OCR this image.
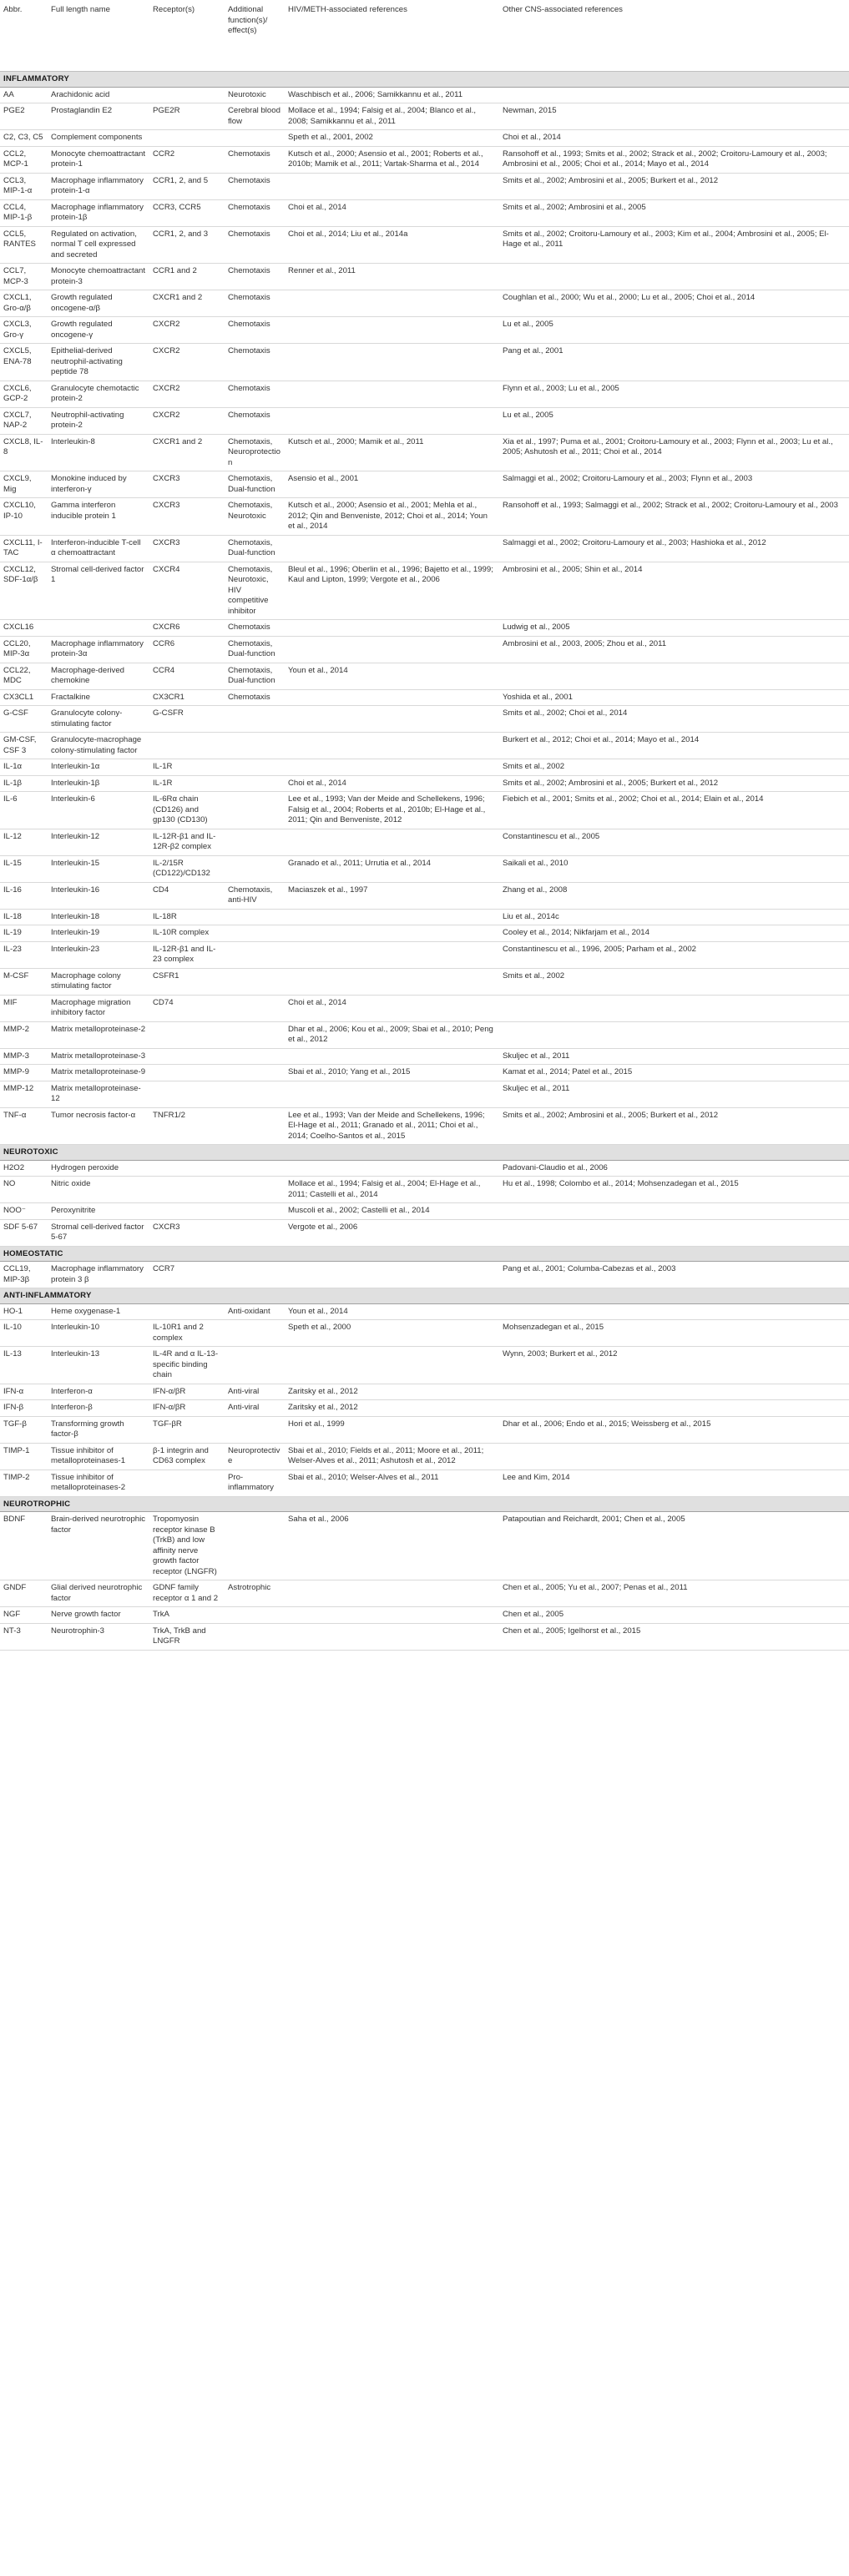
Abbr.	Full length name	Receptor(s)	Additional function(s)/ effect(s)	HIV/METH-associated references	Other CNS-associated references
INFLAMMATORY					
AA	Arachidonic acid		Neurotoxic	Waschbisch et al., 2006; Samikkannu et al., 2011	
PGE2	Prostaglandin E2	PGE2R	Cerebral blood flow	Mollace et al., 1994; Falsig et al., 2004; Blanco et al., 2008; Samikkannu et al., 2011	Newman, 2015
C2, C3, C5	Complement components			Speth et al., 2001, 2002	Choi et al., 2014
CCL2, MCP-1	Monocyte chemoattractant protein-1	CCR2	Chemotaxis	Kutsch et al., 2000; Asensio et al., 2001; Roberts et al., 2010b; Mamik et al., 2011; Vartak-Sharma et al., 2014	Ransohoff et al., 1993; Smits et al., 2002; Strack et al., 2002; Croitoru-Lamoury et al., 2003; Ambrosini et al., 2005; Choi et al., 2014; Mayo et al., 2014
CCL3, MIP-1-α	Macrophage inflammatory protein-1-α	CCR1, 2, and 5	Chemotaxis		Smits et al., 2002; Ambrosini et al., 2005; Burkert et al., 2012
CCL4, MIP-1-β	Macrophage inflammatory protein-1β	CCR3, CCR5	Chemotaxis	Choi et al., 2014	Smits et al., 2002; Ambrosini et al., 2005
CCL5, RANTES	Regulated on activation, normal T cell expressed and secreted	CCR1, 2, and 3	Chemotaxis	Choi et al., 2014; Liu et al., 2014a	Smits et al., 2002; Croitoru-Lamoury et al., 2003; Kim et al., 2004; Ambrosini et al., 2005; El-Hage et al., 2011
CCL7, MCP-3	Monocyte chemoattractant protein-3	CCR1 and 2	Chemotaxis	Renner et al., 2011	
CXCL1, Gro-α/β	Growth regulated oncogene-α/β	CXCR1 and 2	Chemotaxis		Coughlan et al., 2000; Wu et al., 2000; Lu et al., 2005; Choi et al., 2014
CXCL3, Gro-γ	Growth regulated oncogene-γ	CXCR2	Chemotaxis		Lu et al., 2005
CXCL5, ENA-78	Epithelial-derived neutrophil-activating peptide 78	CXCR2	Chemotaxis		Pang et al., 2001
CXCL6, GCP-2	Granulocyte chemotactic protein-2	CXCR2	Chemotaxis		Flynn et al., 2003; Lu et al., 2005
CXCL7, NAP-2	Neutrophil-activating protein-2	CXCR2	Chemotaxis		Lu et al., 2005
CXCL8, IL-8	Interleukin-8	CXCR1 and 2	Chemotaxis, Neuroprotection	Kutsch et al., 2000; Mamik et al., 2011	Xia et al., 1997; Puma et al., 2001; Croitoru-Lamoury et al., 2003; Flynn et al., 2003; Lu et al., 2005; Ashutosh et al., 2011; Choi et al., 2014
CXCL9, Mig	Monokine induced by interferon-γ	CXCR3	Chemotaxis, Dual-function	Asensio et al., 2001	Salmaggi et al., 2002; Croitoru-Lamoury et al., 2003; Flynn et al., 2003
CXCL10, IP-10	Gamma interferon inducible protein 1	CXCR3	Chemotaxis, Neurotoxic	Kutsch et al., 2000; Asensio et al., 2001; Mehla et al., 2012; Qin and Benveniste, 2012; Choi et al., 2014; Youn et al., 2014	Ransohoff et al., 1993; Salmaggi et al., 2002; Strack et al., 2002; Croitoru-Lamoury et al., 2003
CXCL11, I-TAC	Interferon-inducible T-cell α chemoattractant	CXCR3	Chemotaxis, Dual-function		Salmaggi et al., 2002; Croitoru-Lamoury et al., 2003; Hashioka et al., 2012
CXCL12, SDF-1α/β	Stromal cell-derived factor 1	CXCR4	Chemotaxis, Neurotoxic, HIV competitive inhibitor	Bleul et al., 1996; Oberlin et al., 1996; Bajetto et al., 1999; Kaul and Lipton, 1999; Vergote et al., 2006	Ambrosini et al., 2005; Shin et al., 2014
CXCL16		CXCR6	Chemotaxis		Ludwig et al., 2005
CCL20, MIP-3α	Macrophage inflammatory protein-3α	CCR6	Chemotaxis, Dual-function		Ambrosini et al., 2003, 2005; Zhou et al., 2011
CCL22, MDC	Macrophage-derived chemokine	CCR4	Chemotaxis, Dual-function	Youn et al., 2014	
CX3CL1	Fractalkine	CX3CR1	Chemotaxis		Yoshida et al., 2001
G-CSF	Granulocyte colony-stimulating factor	G-CSFR			Smits et al., 2002; Choi et al., 2014
GM-CSF, CSF 3	Granulocyte-macrophage colony-stimulating factor				Burkert et al., 2012; Choi et al., 2014; Mayo et al., 2014
IL-1α	Interleukin-1α	IL-1R			Smits et al., 2002
IL-1β	Interleukin-1β	IL-1R		Choi et al., 2014	Smits et al., 2002; Ambrosini et al., 2005; Burkert et al., 2012
IL-6	Interleukin-6	IL-6Rα chain (CD126) and gp130 (CD130)		Lee et al., 1993; Van der Meide and Schellekens, 1996; Falsig et al., 2004; Roberts et al., 2010b; El-Hage et al., 2011; Qin and Benveniste, 2012	Fiebich et al., 2001; Smits et al., 2002; Choi et al., 2014; Elain et al., 2014
IL-12	Interleukin-12	IL-12R-β1 and IL-12R-β2 complex			Constantinescu et al., 2005
IL-15	Interleukin-15	IL-2/15R (CD122)/CD132		Granado et al., 2011; Urrutia et al., 2014	Saikali et al., 2010
IL-16	Interleukin-16	CD4	Chemotaxis, anti-HIV	Maciaszek et al., 1997	Zhang et al., 2008
IL-18	Interleukin-18	IL-18R			Liu et al., 2014c
IL-19	Interleukin-19	IL-10R complex			Cooley et al., 2014; Nikfarjam et al., 2014
IL-23	Interleukin-23	IL-12R-β1 and IL-23 complex			Constantinescu et al., 1996, 2005; Parham et al., 2002
M-CSF	Macrophage colony stimulating factor	CSFR1			Smits et al., 2002
MIF	Macrophage migration inhibitory factor	CD74		Choi et al., 2014	
MMP-2	Matrix metalloproteinase-2			Dhar et al., 2006; Kou et al., 2009; Sbai et al., 2010; Peng et al., 2012	
MMP-3	Matrix metalloproteinase-3				Skuljec et al., 2011
MMP-9	Matrix metalloproteinase-9			Sbai et al., 2010; Yang et al., 2015	Kamat et al., 2014; Patel et al., 2015
MMP-12	Matrix metalloproteinase-12				Skuljec et al., 2011
TNF-α	Tumor necrosis factor-α	TNFR1/2		Lee et al., 1993; Van der Meide and Schellekens, 1996; El-Hage et al., 2011; Granado et al., 2011; Choi et al., 2014; Coelho-Santos et al., 2015	Smits et al., 2002; Ambrosini et al., 2005; Burkert et al., 2012
NEUROTOXIC					
H2O2	Hydrogen peroxide				Padovani-Claudio et al., 2006
NO	Nitric oxide			Mollace et al., 1994; Falsig et al., 2004; El-Hage et al., 2011; Castelli et al., 2014	Hu et al., 1998; Colombo et al., 2014; Mohsenzadegan et al., 2015
NOO⁻	Peroxynitrite			Muscoli et al., 2002; Castelli et al., 2014	
SDF 5-67	Stromal cell-derived factor 5-67	CXCR3		Vergote et al., 2006	
HOMEOSTATIC					
CCL19, MIP-3β	Macrophage inflammatory protein 3 β	CCR7			Pang et al., 2001; Columba-Cabezas et al., 2003
ANTI-INFLAMMATORY					
HO-1	Heme oxygenase-1		Anti-oxidant	Youn et al., 2014	
IL-10	Interleukin-10	IL-10R1 and 2 complex		Speth et al., 2000	Mohsenzadegan et al., 2015
IL-13	Interleukin-13	IL-4R and α IL-13-specific binding chain			Wynn, 2003; Burkert et al., 2012
IFN-α	Interferon-α	IFN-α/βR	Anti-viral	Zaritsky et al., 2012	
IFN-β	Interferon-β	IFN-α/βR	Anti-viral	Zaritsky et al., 2012	
TGF-β	Transforming growth factor-β	TGF-βR		Hori et al., 1999	Dhar et al., 2006; Endo et al., 2015; Weissberg et al., 2015
TIMP-1	Tissue inhibitor of metalloproteinases-1	β-1 integrin and CD63 complex	Neuroprotective	Sbai et al., 2010; Fields et al., 2011; Moore et al., 2011; Welser-Alves et al., 2011; Ashutosh et al., 2012	
TIMP-2	Tissue inhibitor of metalloproteinases-2		Pro-inflammatory	Sbai et al., 2010; Welser-Alves et al., 2011	Lee and Kim, 2014
NEUROTROPHIC					
BDNF	Brain-derived neurotrophic factor	Tropomyosin receptor kinase B (TrkB) and low affinity nerve growth factor receptor (LNGFR)		Saha et al., 2006	Patapoutian and Reichardt, 2001; Chen et al., 2005
GNDF	Glial derived neurotrophic factor	GDNF family receptor α 1 and 2	Astrotrophic		Chen et al., 2005; Yu et al., 2007; Penas et al., 2011
NGF	Nerve growth factor	TrkA			Chen et al., 2005
NT-3	Neurotrophin-3	TrkA, TrkB and LNGFR			Chen et al., 2005; Igelhorst et al., 2015
